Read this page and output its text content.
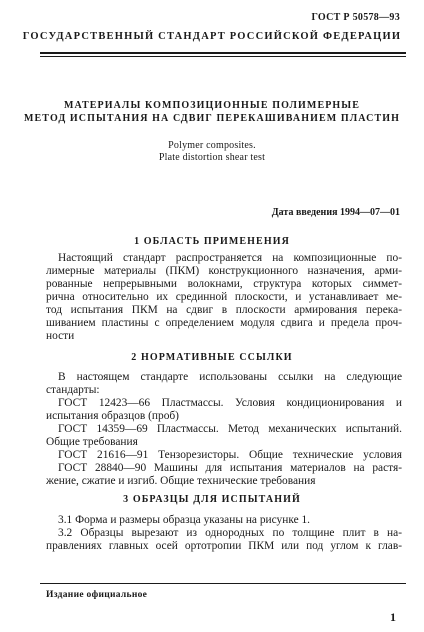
ГОСТ Р 50578—93
ГОСУДАРСТВЕННЫЙ СТАНДАРТ РОССИЙСКОЙ ФЕДЕРАЦИИ
МАТЕРИАЛЫ КОМПОЗИЦИОННЫЕ ПОЛИМЕРНЫЕ
МЕТОД ИСПЫТАНИЯ НА СДВИГ ПЕРЕКАШИВАНИЕМ ПЛАСТИН
Polymer composites.
Plate distortion shear test
Дата введения 1994—07—01
1 ОБЛАСТЬ ПРИМЕНЕНИЯ
Настоящий стандарт распространяется на композиционные по-
лимерные материалы (ПКМ) конструкционного назначения, арми-
рованные непрерывными волокнами, структура которых симмет-
рична относительно их срединной плоскости, и устанавливает ме-
тод испытания ПКМ на сдвиг в плоскости армирования перека-
шиванием пластины с определением модуля сдвига и предела проч-
ности
2 НОРМАТИВНЫЕ ССЫЛКИ
В настоящем стандарте использованы ссылки на следующие
стандарты:
ГОСТ 12423—66 Пластмассы. Условия кондиционирования и
испытания образцов (проб)
ГОСТ 14359—69 Пластмассы. Метод механических испытаний.
Общие требования
ГОСТ 21616—91 Тензорезисторы. Общие технические условия
ГОСТ 28840—90 Машины для испытания материалов на растя-
жение, сжатие и изгиб. Общие технические требования
3 ОБРАЗЦЫ ДЛЯ ИСПЫТАНИЙ
3.1 Форма и размеры образца указаны на рисунке 1.
3.2 Образцы вырезают из однородных по толщине плит в на-
правлениях главных осей ортотропии ПКМ или под углом к глав-
Издание официальное
1
